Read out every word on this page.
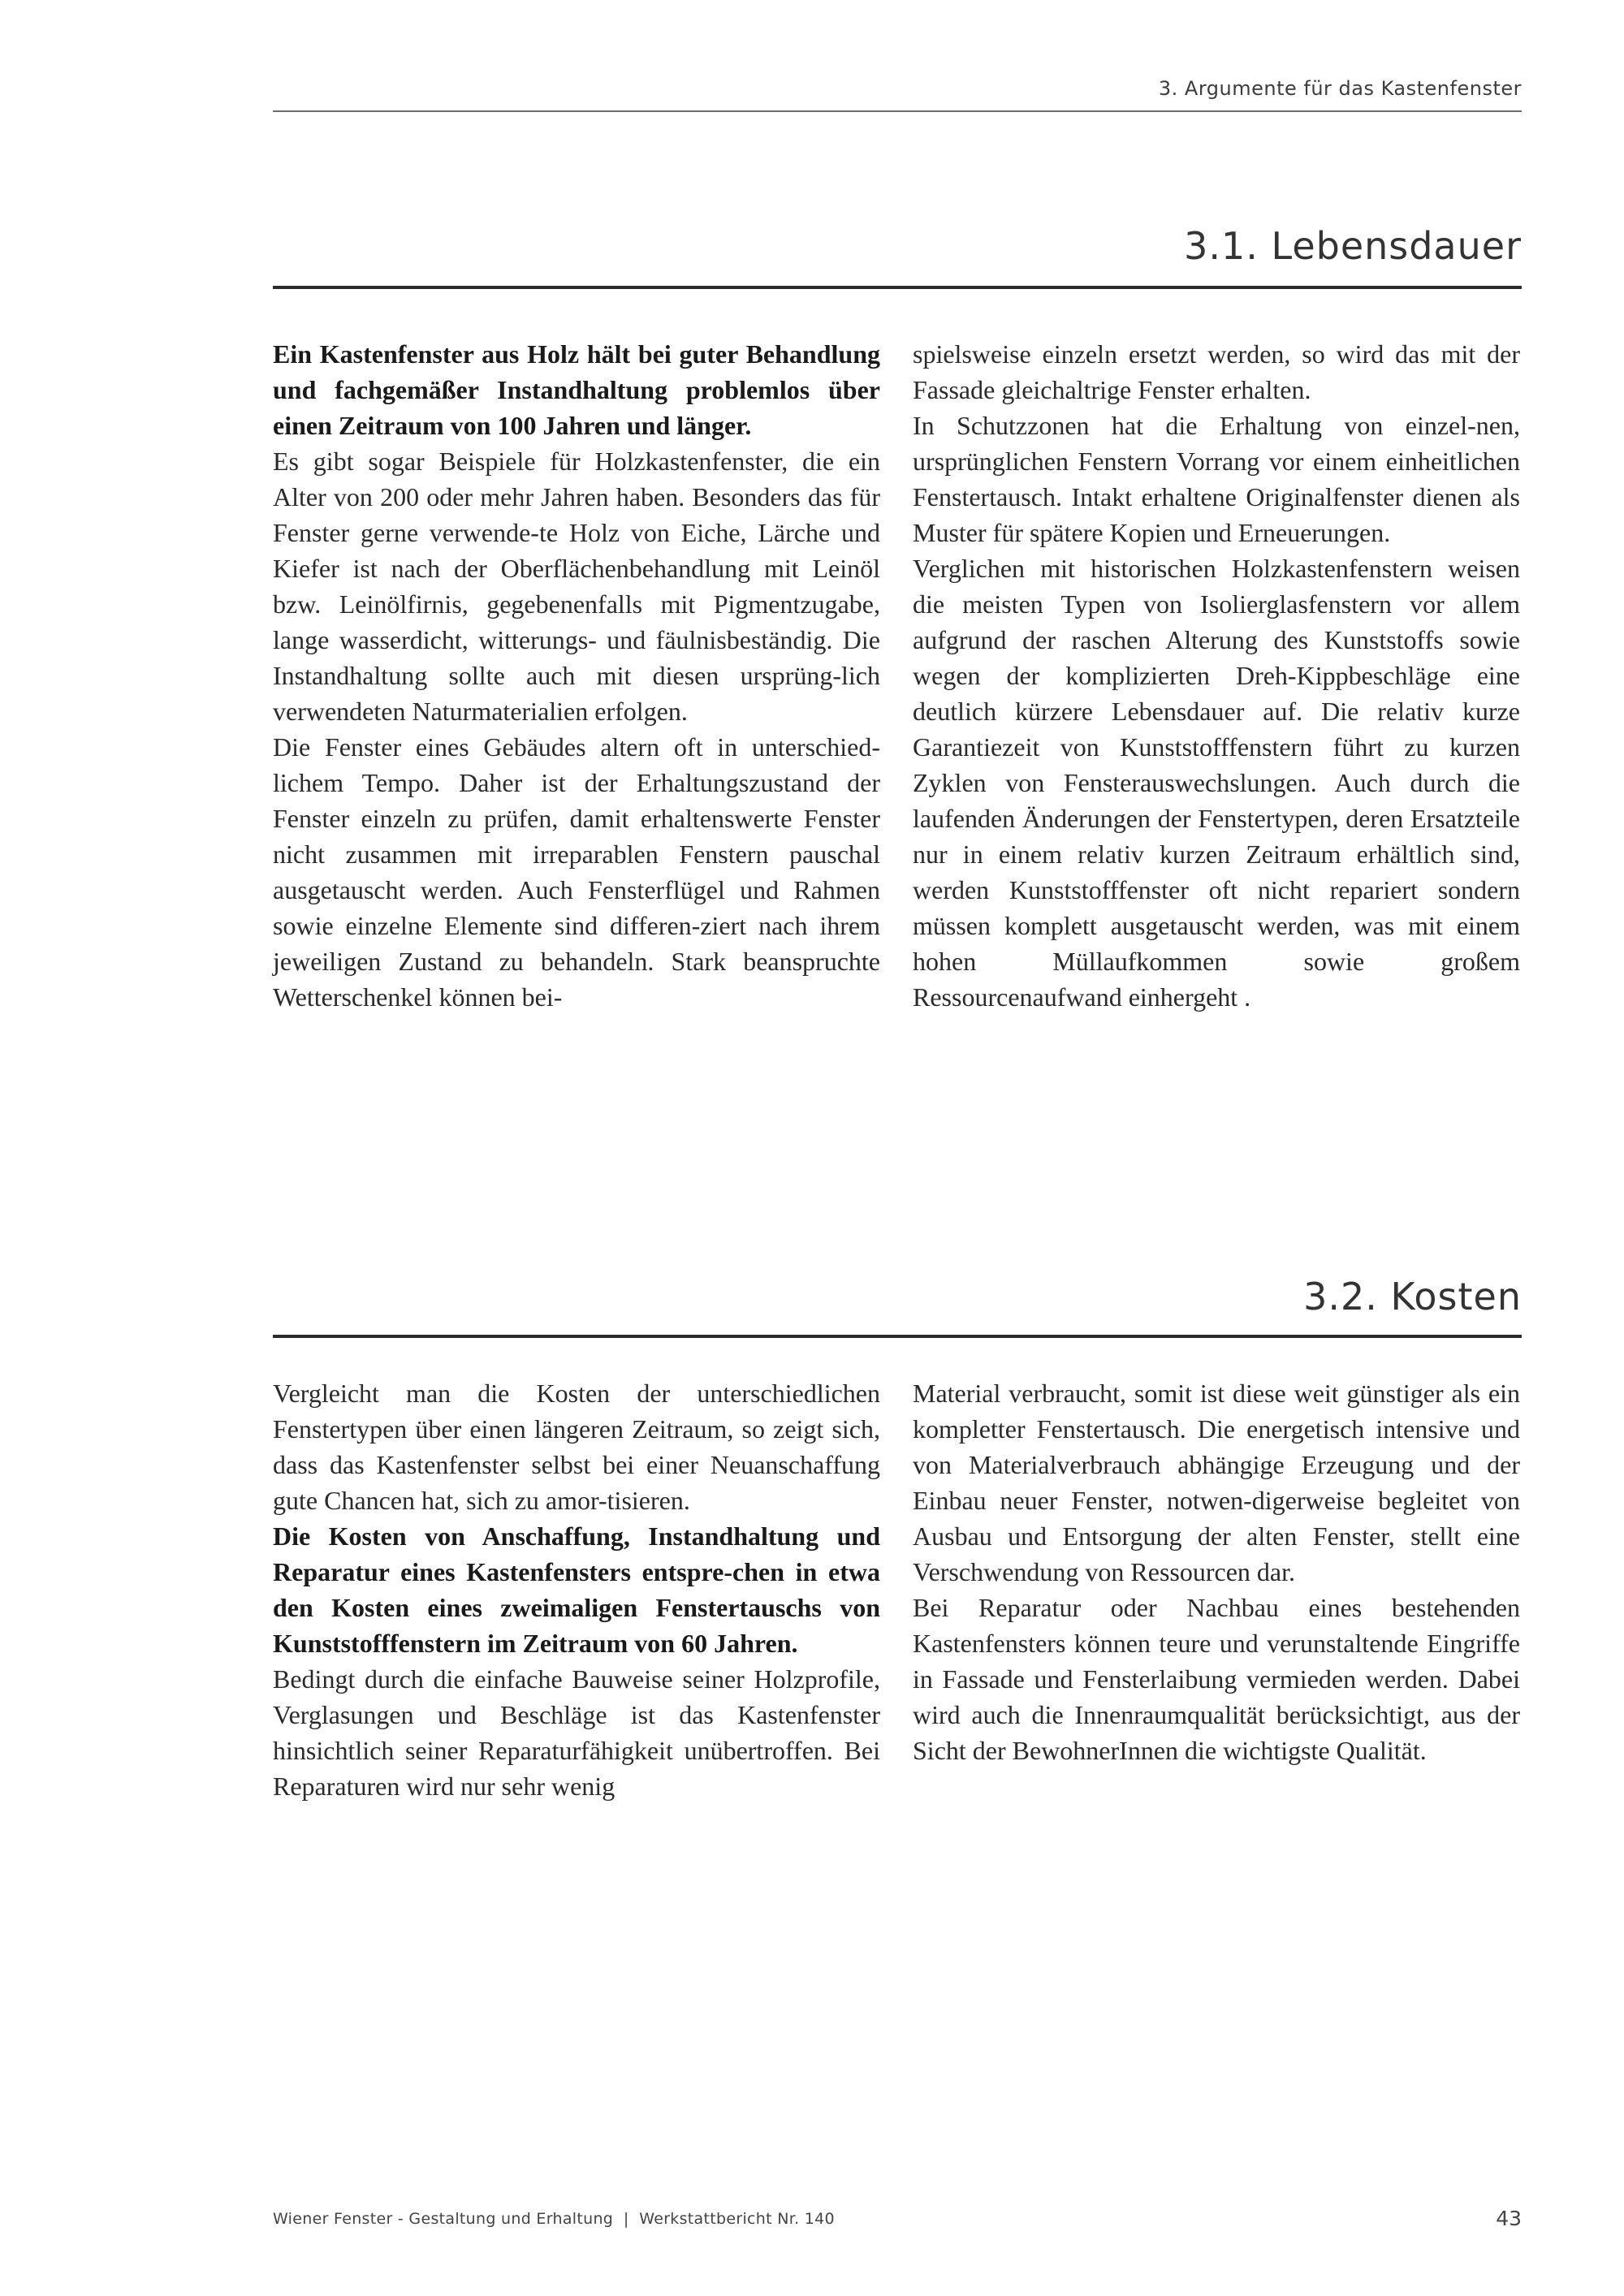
3. Argumente für das Kastenfenster
3.1. Lebensdauer

Ein Kastenfenster aus Holz hält bei guter Behandlung und fachgemäßer Instandhaltung problemlos über einen Zeitraum von 100 Jahren und länger.

Es gibt sogar Beispiele für Holzkastenfenster, die ein Alter von 200 oder mehr Jahren haben. Besonders das für Fenster gerne verwende-te Holz von Eiche, Lärche und Kiefer ist nach der Oberflächenbehandlung mit Leinöl bzw. Leinölfirnis, gegebenenfalls mit Pigmentzugabe, lange wasserdicht, witterungs- und fäulnisbeständig. Die Instandhaltung sollte auch mit diesen ursprüng-lich verwendeten Naturmaterialien erfolgen.

Die Fenster eines Gebäudes altern oft in unterschied-lichem Tempo. Daher ist der Erhaltungszustand der Fenster einzeln zu prüfen, damit erhaltenswerte Fenster nicht zusammen mit irreparablen Fenstern pauschal ausgetauscht werden. Auch Fensterflügel und Rahmen sowie einzelne Elemente sind differen-ziert nach ihrem jeweiligen Zustand zu behandeln. Stark beanspruchte Wetterschenkel können bei-

spielsweise einzeln ersetzt werden, so wird das mit der Fassade gleichaltrige Fenster erhalten.

In Schutzzonen hat die Erhaltung von einzel-nen, ursprünglichen Fenstern Vorrang vor einem einheitlichen Fenstertausch. Intakt erhaltene Originalfenster dienen als Muster für spätere Kopien und Erneuerungen.

Verglichen mit historischen Holzkastenfenstern weisen die meisten Typen von Isolierglasfenstern vor allem aufgrund der raschen Alterung des Kunststoffs sowie wegen der komplizierten Dreh-Kippbeschläge eine deutlich kürzere Lebensdauer auf. Die relativ kurze Garantiezeit von Kunststofffenstern führt zu kurzen Zyklen von Fensterauswechslungen. Auch durch die laufenden Änderungen der Fenstertypen, deren Ersatzteile nur in einem relativ kurzen Zeitraum erhältlich sind, werden Kunststofffenster oft nicht repariert sondern müssen komplett ausgetauscht werden, was mit einem hohen Müllaufkommen sowie großem Ressourcenaufwand einhergeht .

3.2. Kosten

Vergleicht man die Kosten der unterschiedlichen Fenstertypen über einen längeren Zeitraum, so zeigt sich, dass das Kastenfenster selbst bei einer Neuanschaffung gute Chancen hat, sich zu amor-tisieren.

Die Kosten von Anschaffung, Instandhaltung und Reparatur eines Kastenfensters entspre-chen in etwa den Kosten eines zweimaligen Fenstertauschs von Kunststofffenstern im Zeitraum von 60 Jahren.

Bedingt durch die einfache Bauweise seiner Holzprofile, Verglasungen und Beschläge ist das Kastenfenster hinsichtlich seiner Reparaturfähigkeit unübertroffen. Bei Reparaturen wird nur sehr wenig

Material verbraucht, somit ist diese weit günstiger als ein kompletter Fenstertausch. Die energetisch intensive und von Materialverbrauch abhängige Erzeugung und der Einbau neuer Fenster, notwen-digerweise begleitet von Ausbau und Entsorgung der alten Fenster, stellt eine Verschwendung von Ressourcen dar.

Bei Reparatur oder Nachbau eines bestehenden Kastenfensters können teure und verunstaltende Eingriffe in Fassade und Fensterlaibung vermieden werden. Dabei wird auch die Innenraumqualität berücksichtigt, aus der Sicht der BewohnerInnen die wichtigste Qualität.

Wiener Fenster - Gestaltung und Erhaltung  |  Werkstattbericht Nr. 140	43
